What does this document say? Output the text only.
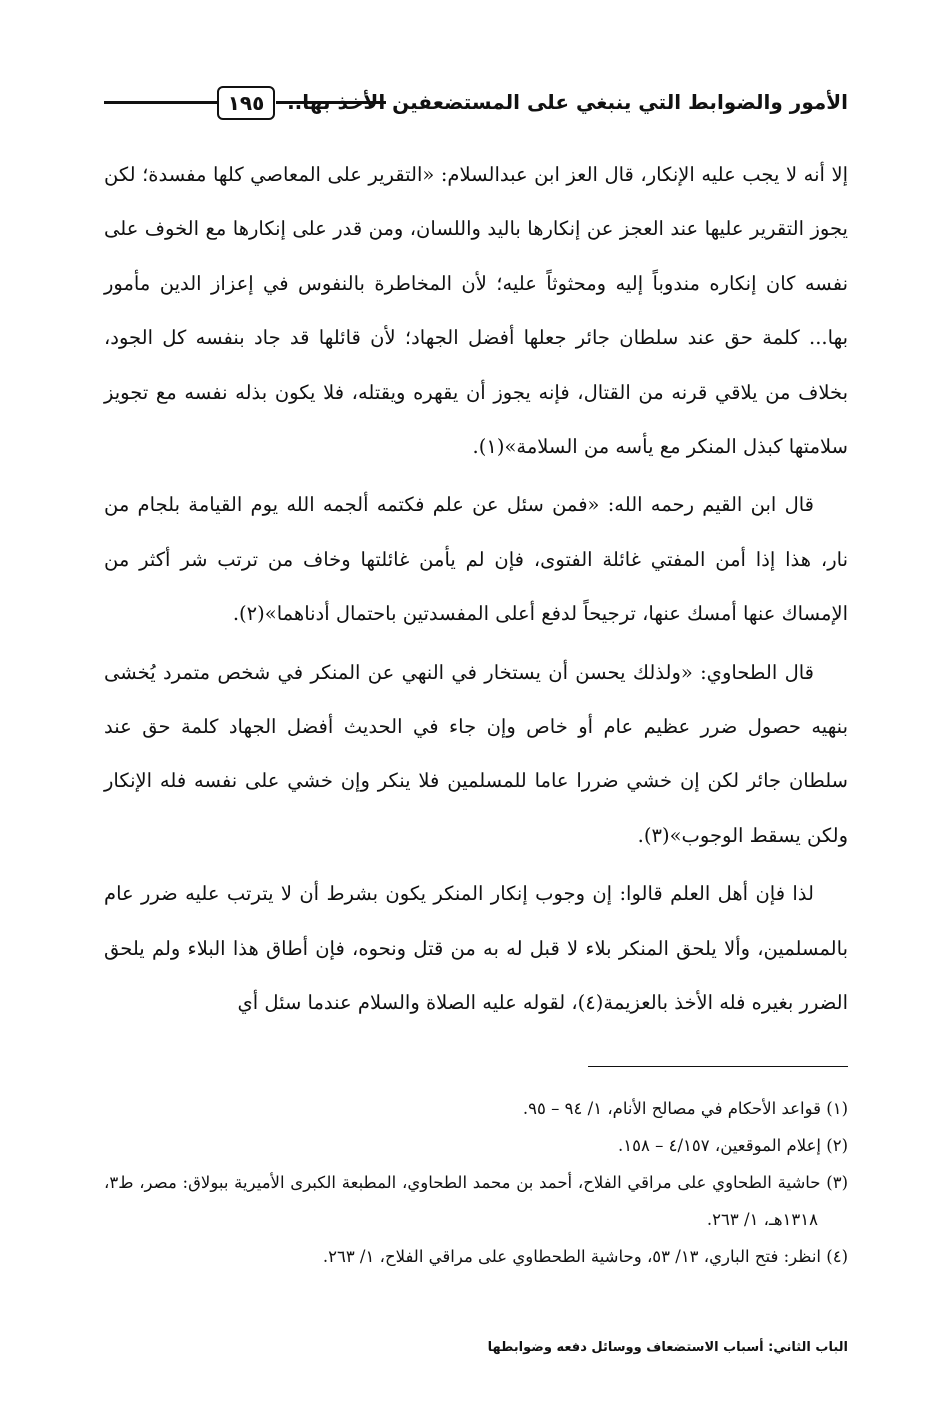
١٩٥	الأمور والضوابط التي ينبغي على المستضعفين الأخذ بها..

إلا أنه لا يجب عليه الإنكار، قال العز ابن عبدالسلام: «التقرير على المعاصي كلها مفسدة؛ لكن يجوز التقرير عليها عند العجز عن إنكارها باليد واللسان، ومن قدر على إنكارها مع الخوف على نفسه كان إنكاره مندوباً إليه ومحثوثاً عليه؛ لأن المخاطرة بالنفوس في إعزاز الدين مأمور بها... كلمة حق عند سلطان جائر جعلها أفضل الجهاد؛ لأن قائلها قد جاد بنفسه كل الجود، بخلاف من يلاقي قرنه من القتال، فإنه يجوز أن يقهره ويقتله، فلا يكون بذله نفسه مع تجويز سلامتها كبذل المنكر مع يأسه من السلامة»(١).

قال ابن القيم رحمه الله: «فمن سئل عن علم فكتمه ألجمه الله يوم القيامة بلجام من نار، هذا إذا أمن المفتي غائلة الفتوى، فإن لم يأمن غائلتها وخاف من ترتب شر أكثر من الإمساك عنها أمسك عنها، ترجيحاً لدفع أعلى المفسدتين باحتمال أدناهما»(٢).

قال الطحاوي: «ولذلك يحسن أن يستخار في النهي عن المنكر في شخص متمرد يُخشى بنهيه حصول ضرر عظيم عام أو خاص وإن جاء في الحديث أفضل الجهاد كلمة حق عند سلطان جائر لكن إن خشي ضررا عاما للمسلمين فلا ينكر وإن خشي على نفسه فله الإنكار ولكن يسقط الوجوب»(٣).

لذا فإن أهل العلم قالوا: إن وجوب إنكار المنكر يكون بشرط أن لا يترتب عليه ضرر عام بالمسلمين، وألا يلحق المنكر بلاء لا قبل له به من قتل ونحوه، فإن أطاق هذا البلاء ولم يلحق الضرر بغيره فله الأخذ بالعزيمة(٤)، لقوله عليه الصلاة والسلام عندما سئل أي

(١) قواعد الأحكام في مصالح الأنام، ١/ ٩٤ – ٩٥.

(٢) إعلام الموقعين، ٤/١٥٧ – ١٥٨.

(٣) حاشية الطحاوي على مراقي الفلاح، أحمد بن محمد الطحاوي، المطبعة الكبرى الأميرية ببولاق: مصر، ط٣، ١٣١٨هـ، ١/ ٢٦٣.

(٤) انظر: فتح الباري، ١٣/ ٥٣، وحاشية الطحطاوي على مراقي الفلاح، ١/ ٢٦٣.

الباب الثاني: أسباب الاستضعاف ووسائل دفعه وضوابطها
